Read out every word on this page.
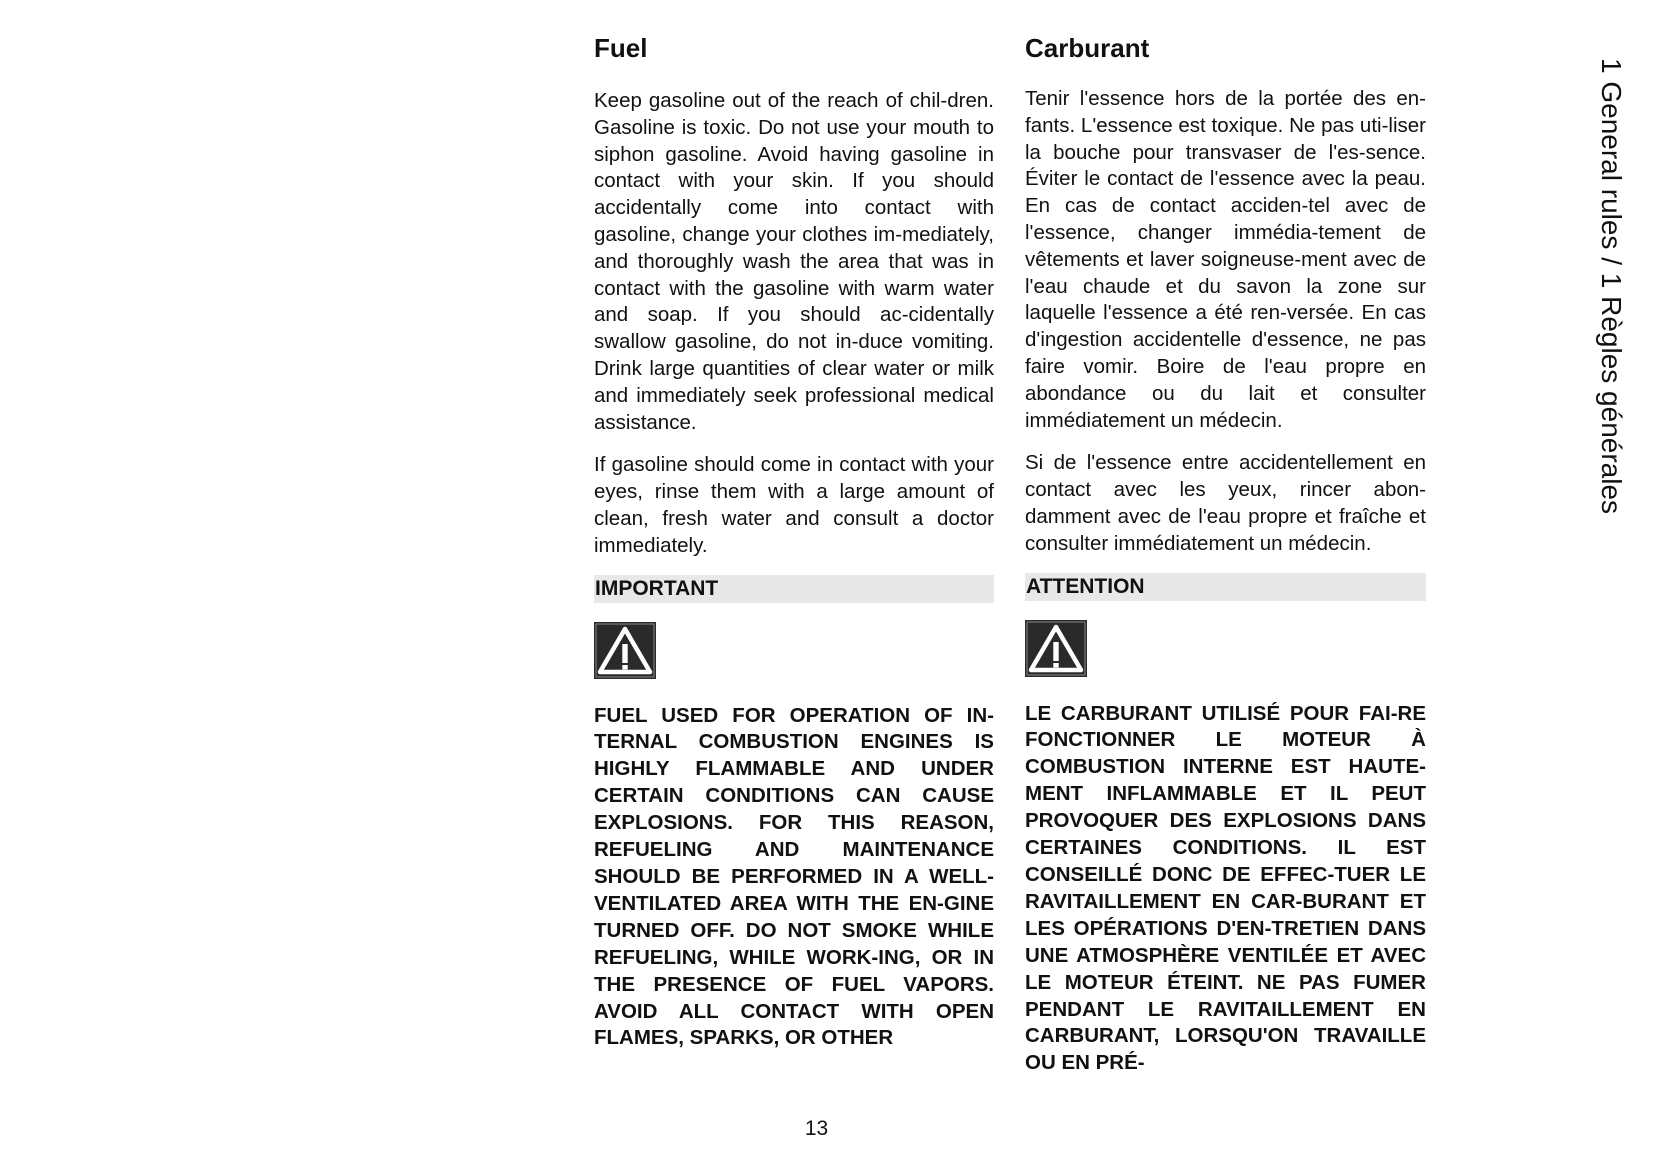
Fuel

Keep gasoline out of the reach of chil-dren. Gasoline is toxic. Do not use your mouth to siphon gasoline. Avoid having gasoline in contact with your skin. If you should accidentally come into contact with gasoline, change your clothes im-mediately, and thoroughly wash the area that was in contact with the gasoline with warm water and soap. If you should ac-cidentally swallow gasoline, do not in-duce vomiting. Drink large quantities of clear water or milk and immediately seek professional medical assistance.

If gasoline should come in contact with your eyes, rinse them with a large amount of clean, fresh water and consult a doctor immediately.

IMPORTANT

FUEL USED FOR OPERATION OF IN-TERNAL COMBUSTION ENGINES IS HIGHLY FLAMMABLE AND UNDER CERTAIN CONDITIONS CAN CAUSE EXPLOSIONS. FOR THIS REASON, REFUELING AND MAINTENANCE SHOULD BE PERFORMED IN A WELL-VENTILATED AREA WITH THE EN-GINE TURNED OFF. DO NOT SMOKE WHILE REFUELING, WHILE WORK-ING, OR IN THE PRESENCE OF FUEL VAPORS. AVOID ALL CONTACT WITH OPEN FLAMES, SPARKS, OR OTHER

Carburant

Tenir l'essence hors de la portée des en-fants. L'essence est toxique. Ne pas uti-liser la bouche pour transvaser de l'es-sence. Éviter le contact de l'essence avec la peau. En cas de contact acciden-tel avec de l'essence, changer immédia-tement de vêtements et laver soigneuse-ment avec de l'eau chaude et du savon la zone sur laquelle l'essence a été ren-versée. En cas d'ingestion accidentelle d'essence, ne pas faire vomir. Boire de l'eau propre en abondance ou du lait et consulter immédiatement un médecin.

Si de l'essence entre accidentellement en contact avec les yeux, rincer abon-damment avec de l'eau propre et fraîche et consulter immédiatement un médecin.

ATTENTION

LE CARBURANT UTILISÉ POUR FAI-RE FONCTIONNER LE MOTEUR À COMBUSTION INTERNE EST HAUTE-MENT INFLAMMABLE ET IL PEUT PROVOQUER DES EXPLOSIONS DANS CERTAINES CONDITIONS. IL EST CONSEILLÉ DONC DE EFFEC-TUER LE RAVITAILLEMENT EN CAR-BURANT ET LES OPÉRATIONS D'EN-TRETIEN DANS UNE ATMOSPHÈRE VENTILÉE ET AVEC LE MOTEUR ÉTEINT. NE PAS FUMER PENDANT LE RAVITAILLEMENT EN CARBURANT, LORSQU'ON TRAVAILLE OU EN PRÉ-

1 General rules / 1 Règles générales
13
